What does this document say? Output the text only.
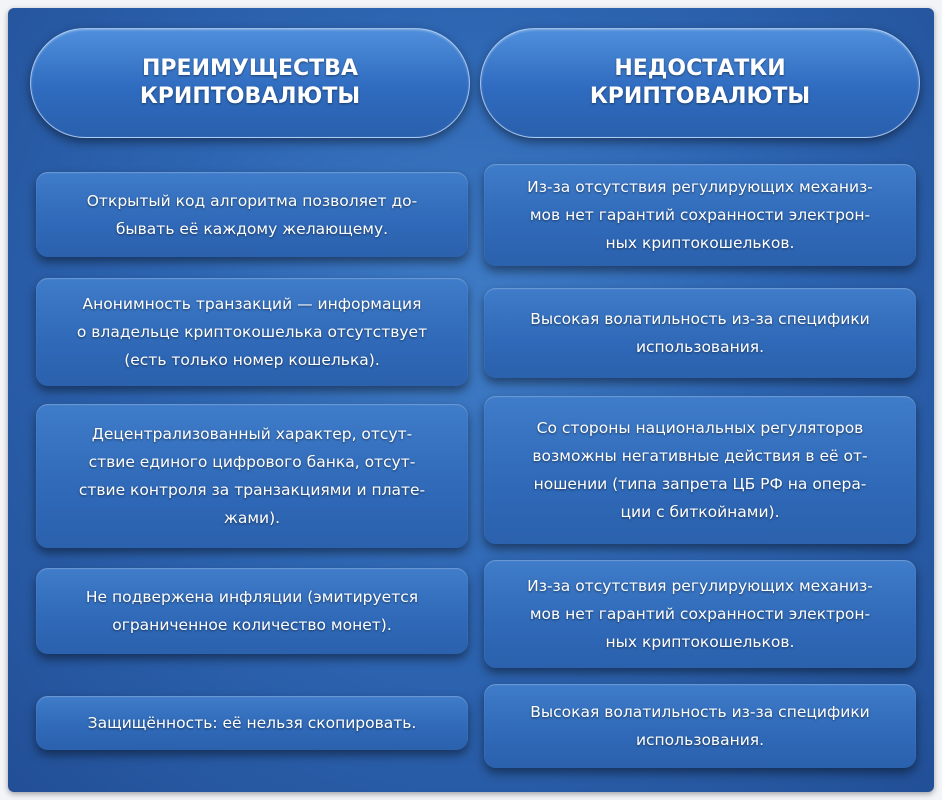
ПРЕИМУЩЕСТВА
КРИПТОВАЛЮТЫ
НЕДОСТАТКИ
КРИПТОВАЛЮТЫ
Открытый код алгоритма позволяет до-
бывать её каждому желающему.
Анонимность транзакций — информация
о владельце криптокошелька отсутствует
(есть только номер кошелька).
Децентрализованный характер, отсут-
ствие единого цифрового банка, отсут-
ствие контроля за транзакциями и плате-
жами).
Не подвержена инфляции (эмитируется
ограниченное количество монет).
Защищённость: её нельзя скопировать.
Из-за отсутствия регулирующих механиз-
мов нет гарантий сохранности электрон-
ных криптокошельков.
Высокая волатильность из-за специфики
использования.
Со стороны национальных регуляторов
возможны негативные действия в её от-
ношении (типа запрета ЦБ РФ на опера-
ции с биткойнами).
Из-за отсутствия регулирующих механиз-
мов нет гарантий сохранности электрон-
ных криптокошельков.
Высокая волатильность из-за специфики
использования.
